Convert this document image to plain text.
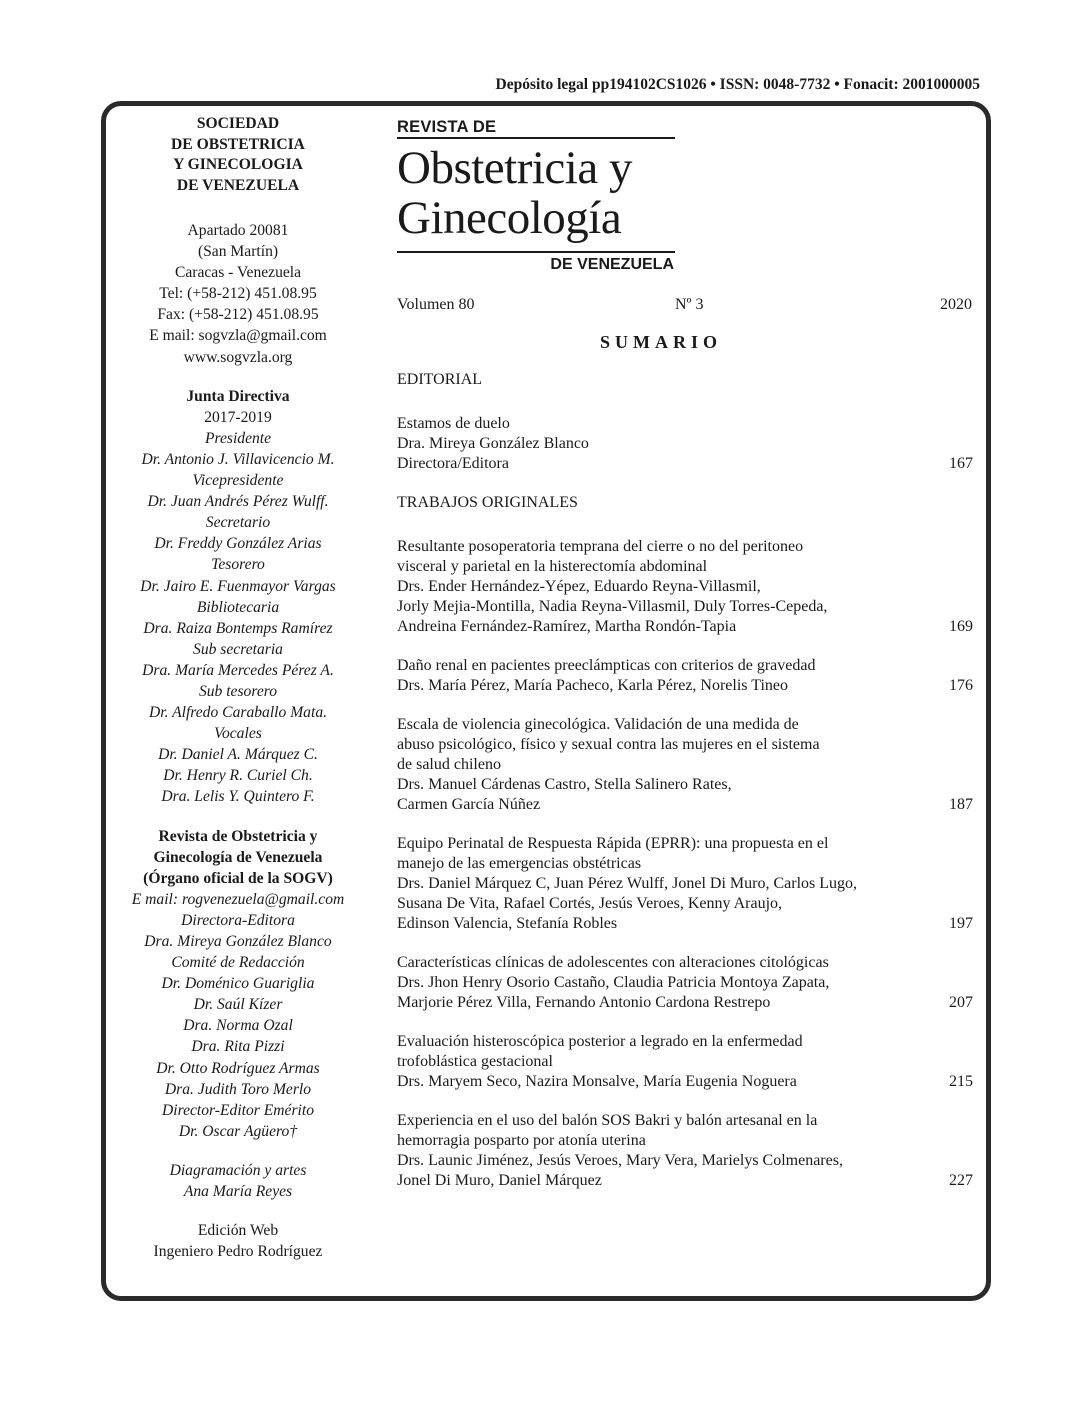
Depósito legal pp194102CS1026 • ISSN: 0048-7732 • Fonacit: 2001000005
SOCIEDAD
DE OBSTETRICIA
Y GINECOLOGIA
DE VENEZUELA
Apartado 20081
(San Martín)
Caracas - Venezuela
Tel: (+58-212) 451.08.95
Fax: (+58-212) 451.08.95
E mail: sogvzla@gmail.com
www.sogvzla.org
Junta Directiva
2017-2019
Presidente
Dr. Antonio J. Villavicencio M.
Vicepresidente
Dr. Juan Andrés Pérez Wulff.
Secretario
Dr. Freddy González Arias
Tesorero
Dr. Jairo E. Fuenmayor Vargas
Bibliotecaria
Dra. Raiza Bontemps Ramírez
Sub secretaria
Dra. María Mercedes Pérez A.
Sub tesorero
Dr. Alfredo Caraballo Mata.
Vocales
Dr. Daniel A. Márquez C.
Dr. Henry R. Curiel Ch.
Dra. Lelis Y. Quintero F.
Revista de Obstetricia y
Ginecología de Venezuela
(Órgano oficial de la SOGV)
E mail: rogvenezuela@gmail.com
Directora-Editora
Dra. Mireya González Blanco
Comité de Redacción
Dr. Doménico Guariglia
Dr. Saúl Kízer
Dra. Norma Ozal
Dra. Rita Pizzi
Dr. Otto Rodríguez Armas
Dra. Judith Toro Merlo
Director-Editor Emérito
Dr. Oscar Agüero†
Diagramación y artes
Ana María Reyes
Edición Web
Ingeniero Pedro Rodríguez
REVISTA DE
Obstetricia y
Ginecología
DE VENEZUELA
Volumen 80	Nº 3	2020
SUMARIO
EDITORIAL
Estamos de duelo
Dra. Mireya González Blanco
Directora/Editora	167
TRABAJOS ORIGINALES
Resultante posoperatoria temprana del cierre o no del peritoneo
visceral y parietal en la histerectomía abdominal
Drs. Ender Hernández-Yépez, Eduardo Reyna-Villasmil,
Jorly Mejia-Montilla, Nadia Reyna-Villasmil, Duly Torres-Cepeda,
Andreina Fernández-Ramírez, Martha Rondón-Tapia	169
Daño renal en pacientes preeclámpticas con criterios de gravedad
Drs. María Pérez, María Pacheco, Karla Pérez, Norelis Tineo	176
Escala de violencia ginecológica. Validación de una medida de
abuso psicológico, físico y sexual contra las mujeres en el sistema
de salud chileno
Drs. Manuel Cárdenas Castro, Stella Salinero Rates,
Carmen García Núñez	187
Equipo Perinatal de Respuesta Rápida (EPRR): una propuesta en el
manejo de las emergencias obstétricas
Drs. Daniel Márquez C, Juan Pérez Wulff, Jonel Di Muro, Carlos Lugo,
Susana De Vita, Rafael Cortés, Jesús Veroes, Kenny Araujo,
Edinson Valencia, Stefanía Robles	197
Características clínicas de adolescentes con alteraciones citológicas
Drs. Jhon Henry Osorio Castaño, Claudia Patricia Montoya Zapata,
Marjorie Pérez Villa, Fernando Antonio Cardona Restrepo	207
Evaluación histeroscópica posterior a legrado en la enfermedad
trofoblástica gestacional
Drs. Maryem Seco, Nazira Monsalve, María Eugenia Noguera	215
Experiencia en el uso del balón SOS Bakri y balón artesanal en la
hemorragia posparto por atonía uterina
Drs. Launic Jiménez, Jesús Veroes, Mary Vera, Marielys Colmenares,
Jonel Di Muro, Daniel Márquez	227
